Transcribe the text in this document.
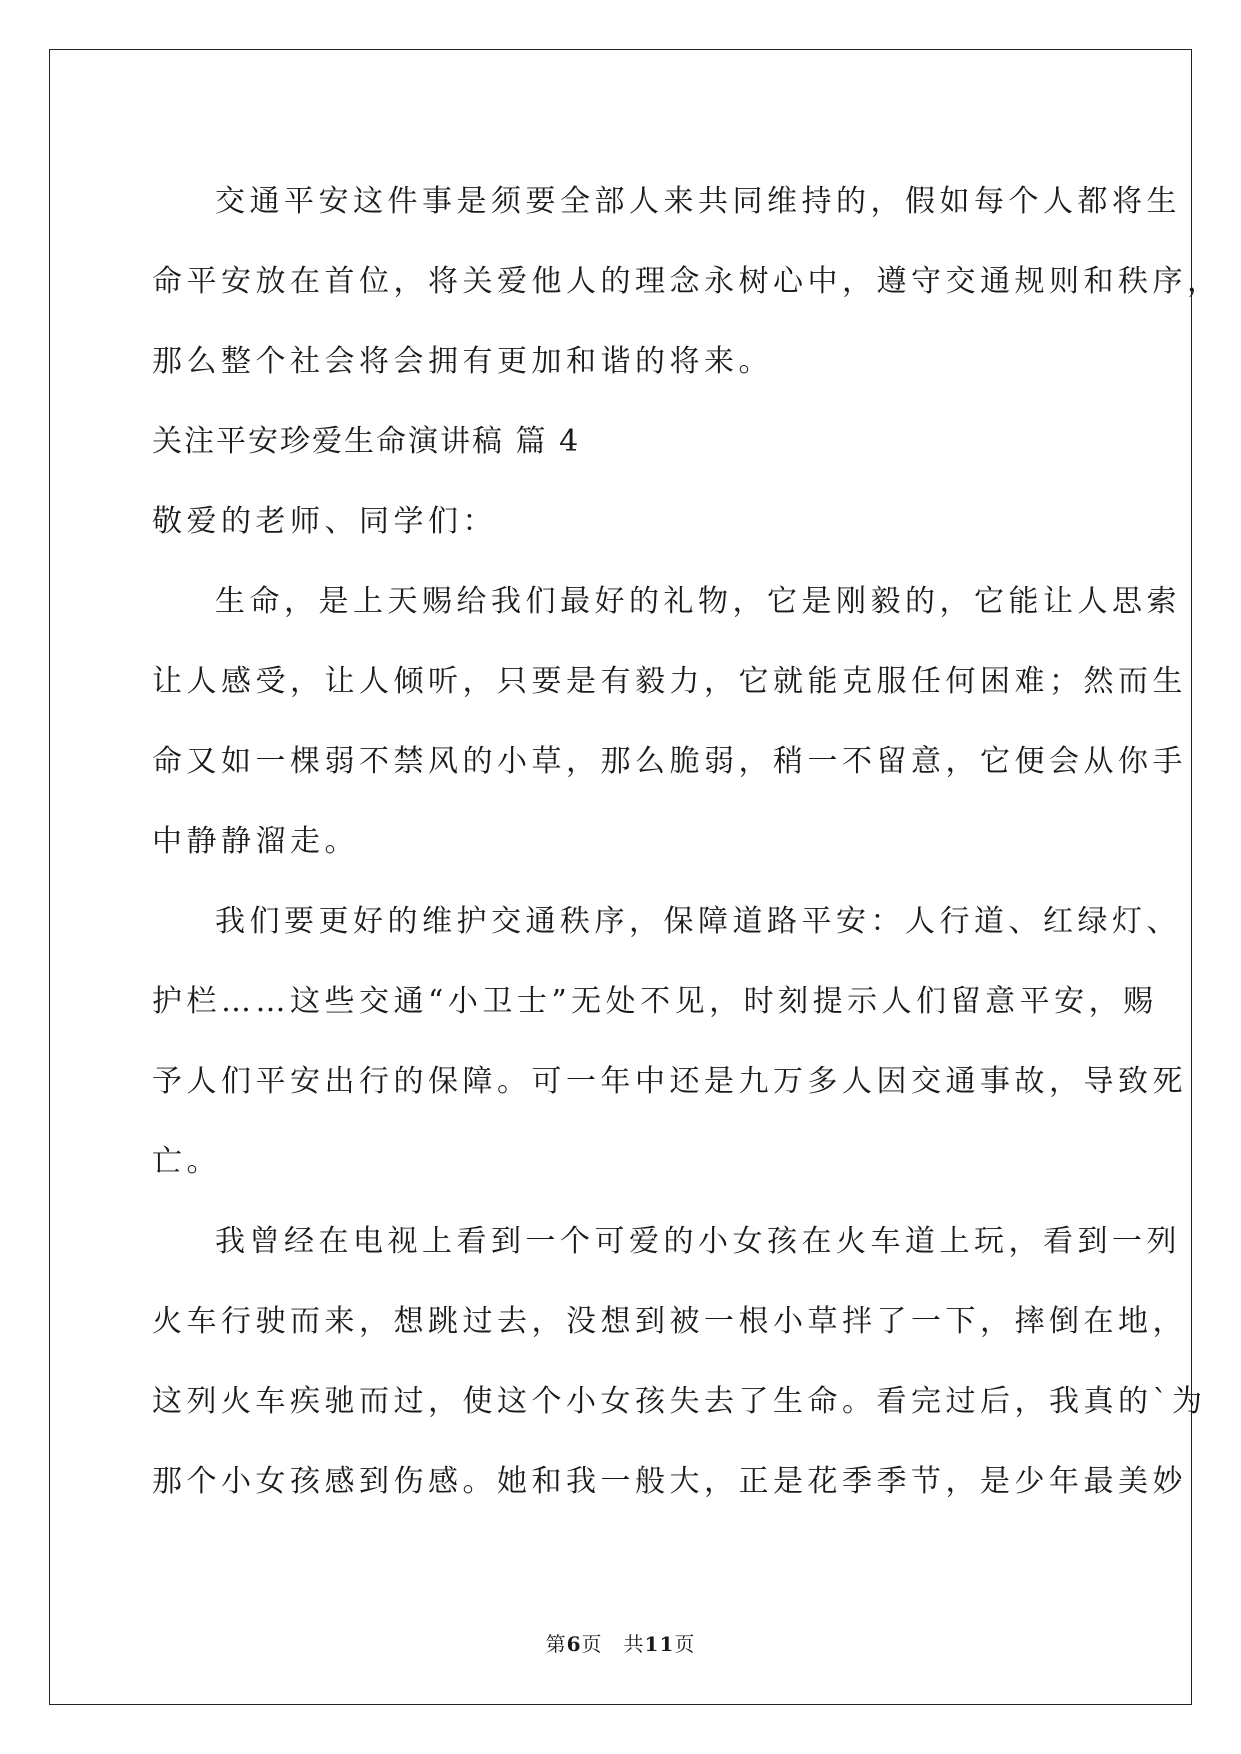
交通平安这件事是须要全部人来共同维持的，假如每个人都将生
命平安放在首位，将关爱他人的理念永树心中，遵守交通规则和秩序，
那么整个社会将会拥有更加和谐的将来。
关注平安珍爱生命演讲稿 篇 4
敬爱的老师、同学们：
生命，是上天赐给我们最好的礼物，它是刚毅的，它能让人思索
让人感受，让人倾听，只要是有毅力，它就能克服任何困难；然而生
命又如一棵弱不禁风的小草，那么脆弱，稍一不留意，它便会从你手
中静静溜走。
我们要更好的维护交通秩序，保障道路平安：人行道、红绿灯、
护栏……这些交通“小卫士”无处不见，时刻提示人们留意平安，赐
予人们平安出行的保障。可一年中还是九万多人因交通事故，导致死
亡。
我曾经在电视上看到一个可爱的小女孩在火车道上玩，看到一列
火车行驶而来，想跳过去，没想到被一根小草拌了一下，摔倒在地，
这列火车疾驰而过，使这个小女孩失去了生命。看完过后，我真的`为
那个小女孩感到伤感。她和我一般大，正是花季季节，是少年最美妙
第6页　共11页
